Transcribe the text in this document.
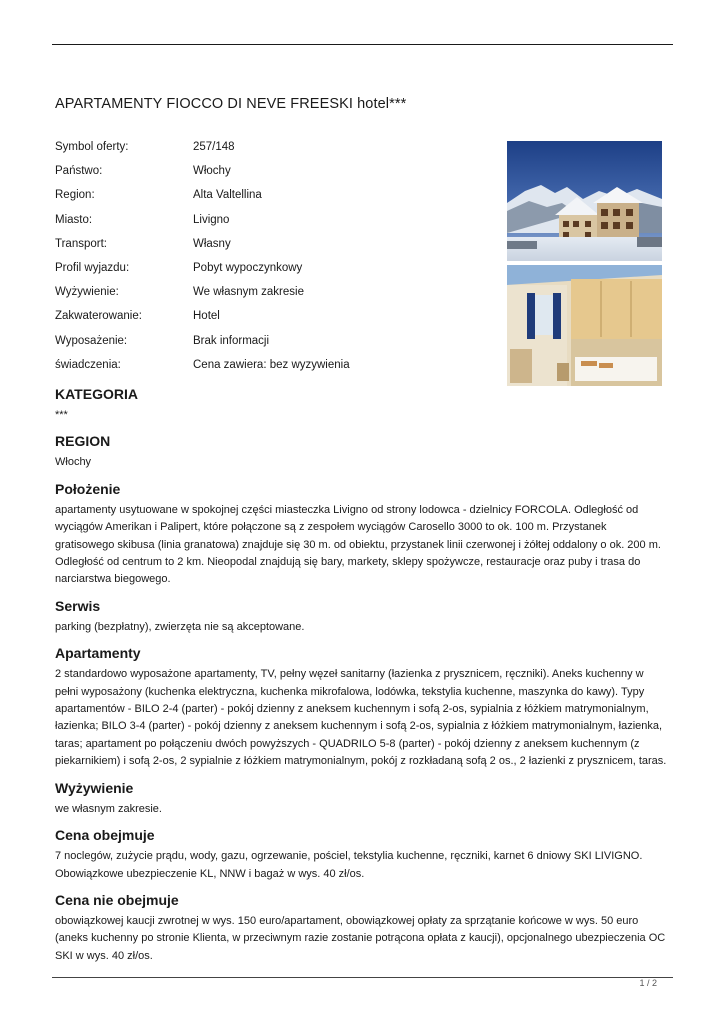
APARTAMENTY FIOCCO DI NEVE FREESKI hotel***
Symbol oferty:	257/148
Państwo:	Włochy
Region:	Alta Valtellina
Miasto:	Livigno
Transport:	Własny
Profil wyjazdu:	Pobyt wypoczynkowy
Wyżywienie:	We własnym zakresie
Zakwaterowanie:	Hotel
Wyposażenie:	Brak informacji
świadczenia:	Cena zawiera: bez wyzywienia
KATEGORIA

***

REGION

Włochy

Położenie

apartamenty usytuowane w spokojnej części miasteczka Livigno od strony lodowca - dzielnicy FORCOLA. Odległość od wyciągów Amerikan i Palipert, które połączone są z zespołem wyciągów Carosello 3000 to ok. 100 m. Przystanek gratisowego skibusa (linia granatowa) znajduje się 30 m. od obiektu, przystanek linii czerwonej i żółtej oddalony o ok. 200 m. Odległość od centrum to 2 km. Nieopodal znajdują się bary, markety, sklepy spożywcze, restauracje oraz puby i trasa do narciarstwa biegowego.

Serwis

parking (bezpłatny), zwierzęta nie są akceptowane.

Apartamenty

2 standardowo wyposażone apartamenty, TV, pełny węzeł sanitarny (łazienka z prysznicem, ręczniki). Aneks kuchenny w pełni wyposażony (kuchenka elektryczna, kuchenka mikrofalowa, lodówka, tekstylia kuchenne, maszynka do kawy). Typy apartamentów - BILO 2-4 (parter) - pokój dzienny z aneksem kuchennym i sofą 2-os, sypialnia z łóżkiem matrymonialnym, łazienka; BILO 3-4 (parter) - pokój dzienny z aneksem kuchennym i sofą 2-os, sypialnia z łóżkiem matrymonialnym, łazienka, taras; apartament po połączeniu dwóch powyższych - QUADRILO 5-8 (parter) - pokój dzienny z aneksem kuchennym (z piekarnikiem) i sofą 2-os, 2 sypialnie z łóżkiem matrymonialnym, pokój z rozkładaną sofą 2 os., 2 łazienki z prysznicem, taras.

Wyżywienie

we własnym zakresie.

Cena obejmuje

7 noclegów, zużycie prądu, wody, gazu, ogrzewanie, pościel, tekstylia kuchenne, ręczniki, karnet 6 dniowy SKI LIVIGNO. Obowiązkowe ubezpieczenie KL, NNW i bagaż w wys. 40 zł/os.

Cena nie obejmuje

obowiązkowej kaucji zwrotnej w wys. 150 euro/apartament, obowiązkowej opłaty za sprzątanie końcowe w wys. 50 euro (aneks kuchenny po stronie Klienta, w przeciwnym razie zostanie potrącona opłata z kaucji), opcjonalnego ubezpieczenia OC SKI w wys. 40 zł/os.

1 / 2
